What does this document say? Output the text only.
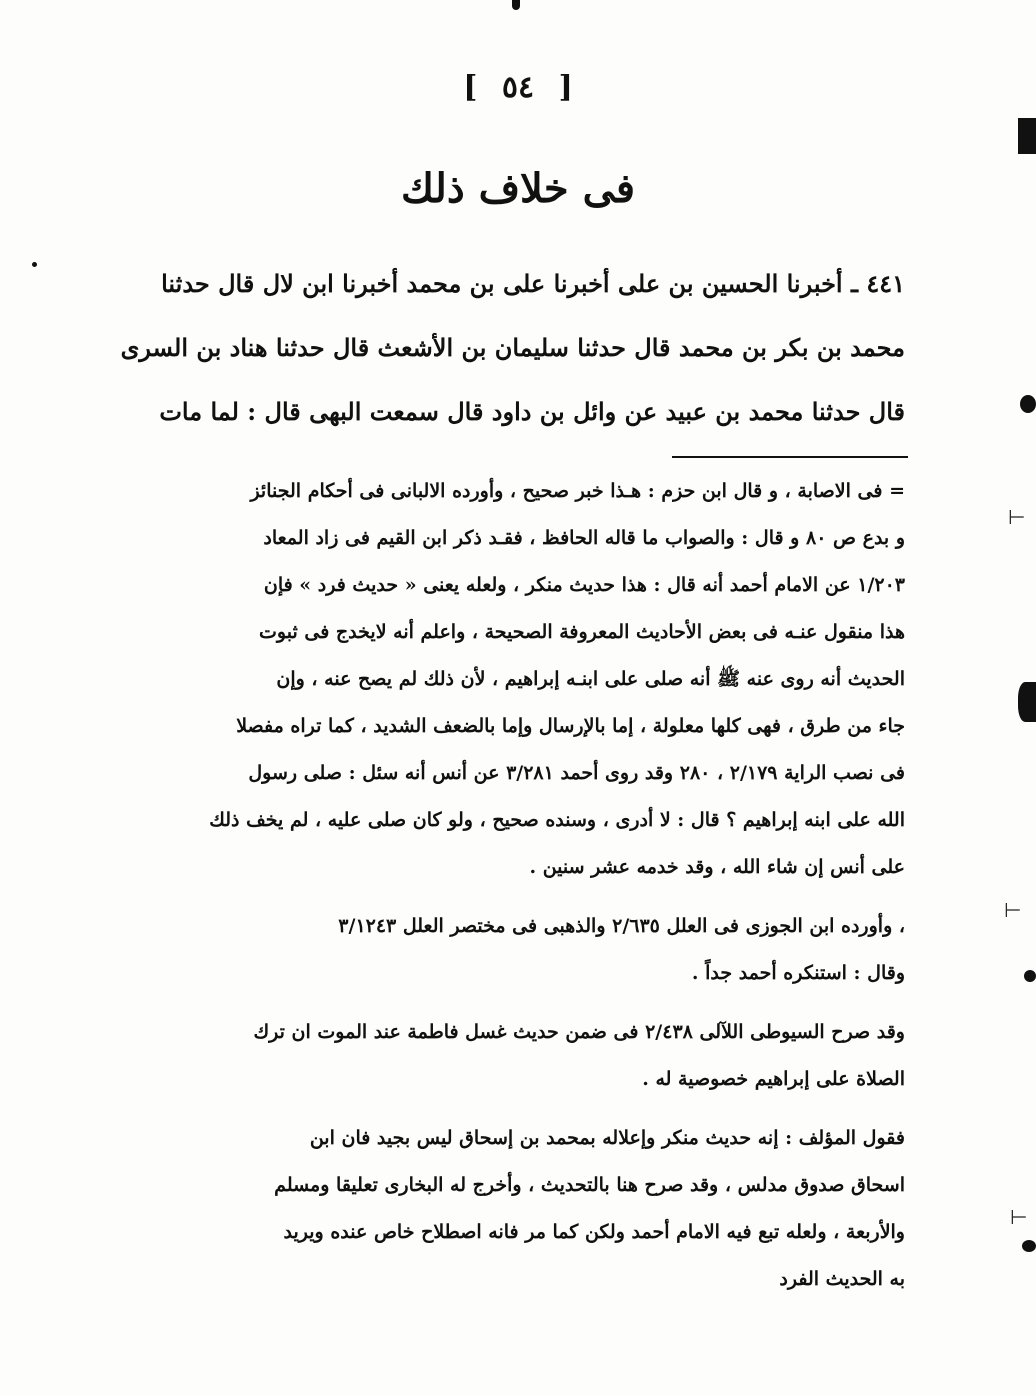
⊢
⊢
⊢
[ ٥٤ ]
فى خلاف ذلك
٤٤١ ـ أخبرنا الحسين بن على أخبرنا على بن محمد أخبرنا ابن لال قال حدثنا
محمد بن بكر بن محمد قال حدثنا سليمان بن الأشعث قال حدثنا هناد بن السرى
قال حدثنا محمد بن عبيد عن وائل بن داود قال سمعت البهى قال : لما مات
= فى الاصابة ، و قال ابن حزم : هـذا خبر صحيح ، وأورده الالبانى فى أحكام الجنائز
و بدع ص ٨٠ و قال : والصواب ما قاله الحافظ ، فقـد ذكر ابن القيم فى زاد المعاد
١/٢٠٣ عن الامام أحمد أنه قال : هذا حديث منكر ، ولعله يعنى « حديث فرد » فإن
هذا منقول عنـه فى بعض الأحاديث المعروفة الصحيحة ، واعلم أنه لايخدج فى ثبوت
الحديث أنه روى عنه ﷺ أنه صلى على ابنـه إبراهيم ، لأن ذلك لم يصح عنه ، وإن
جاء من طرق ، فهى كلها معلولة ، إما بالإرسال وإما بالضعف الشديد ، كما تراه مفصلا
فى نصب الراية ٢/١٧٩ ، ٢٨٠ وقد روى أحمد ٣/٢٨١ عن أنس أنه سئل : صلى رسول
الله على ابنه إبراهيم ؟ قال : لا أدرى ، وسنده صحيح ، ولو كان صلى عليه ، لم يخف ذلك
على أنس إن شاء الله ، وقد خدمه عشر سنين .
، وأورده ابن الجوزى فى العلل ٢/٦٣٥ والذهبى فى مختصر العلل ٣/١٢٤٣
وقال : استنكره أحمد جداً .
وقد صرح السيوطى اللآلى ٢/٤٣٨ فى ضمن حديث غسل فاطمة عند الموت ان ترك
الصلاة على إبراهيم خصوصية له .
فقول المؤلف : إنه حديث منكر وإعلاله بمحمد بن إسحاق ليس بجيد فان ابن
اسحاق صدوق مدلس ، وقد صرح هنا بالتحديث ، وأخرج له البخارى تعليقا ومسلم
والأربعة ، ولعله تبع فيه الامام أحمد ولكن كما مر فانه اصطلاح خاص عنده ويريد
به الحديث الفرد
